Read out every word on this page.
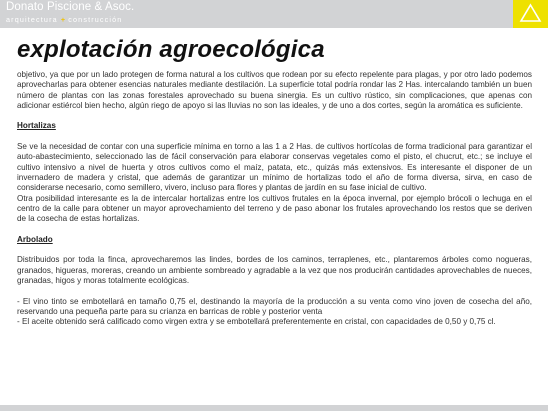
Donato Piscione & Asoc.
arquitectura + construcción
explotación agroecológica

objetivo, ya que por un lado protegen de forma natural a los cultivos que rodean por su efecto repelente para plagas, y por otro lado podemos aprovecharlas para obtener esencias naturales mediante destilación. La superficie total podría rondar las 2 Has. intercalando también un buen número de plantas con las zonas forestales aprovechado su buena sinergia. Es un cultivo rústico, sin complicaciones, que apenas con adicionar estiércol bien hecho, algún riego de apoyo si las lluvias no son las ideales, y de uno a dos cortes, según la aromática es suficiente.

Hortalizas

Se ve la necesidad de contar con una superficie mínima en torno a las 1 a 2 Has. de cultivos hortícolas de forma tradicional para garantizar el auto-abastecimiento, seleccionado las de fácil conservación para elaborar conservas vegetales como el pisto, el chucrut, etc.; se incluye el cultivo intensivo a nivel de huerta y otros cultivos como el maíz, patata, etc., quizás más extensivos. Es interesante el disponer de un invernadero de madera y cristal, que además de garantizar un mínimo de hortalizas todo el año de forma diversa, sirva, en caso de considerarse necesario, como semillero, vivero, incluso para flores y plantas de jardín en su fase inicial de cultivo.

Otra posibilidad interesante es la de intercalar hortalizas entre los cultivos frutales en la época invernal, por ejemplo brócoli o lechuga en el centro de la calle para obtener un mayor aprovechamiento del terreno y de paso abonar los frutales aprovechando los restos que se deriven de la cosecha de estas hortalizas.

Arbolado

Distribuidos por toda la finca, aprovecharemos las lindes, bordes de los caminos, terraplenes, etc., plantaremos árboles como nogueras, granados, higueras, moreras, creando un ambiente sombreado y agradable a la vez que nos producirán cantidades aprovechables de nueces, granadas, higos y moras totalmente ecológicas.

- El vino tinto se embotellará en tamaño 0,75 el, destinando la mayoría de la producción a su venta como vino joven de cosecha del año, reservando una pequeña parte para su crianza en barricas de roble y posterior venta

- El aceite obtenido será calificado como virgen extra y se embotellará preferentemente en cristal, con capacidades de 0,50 y 0,75 cl.
